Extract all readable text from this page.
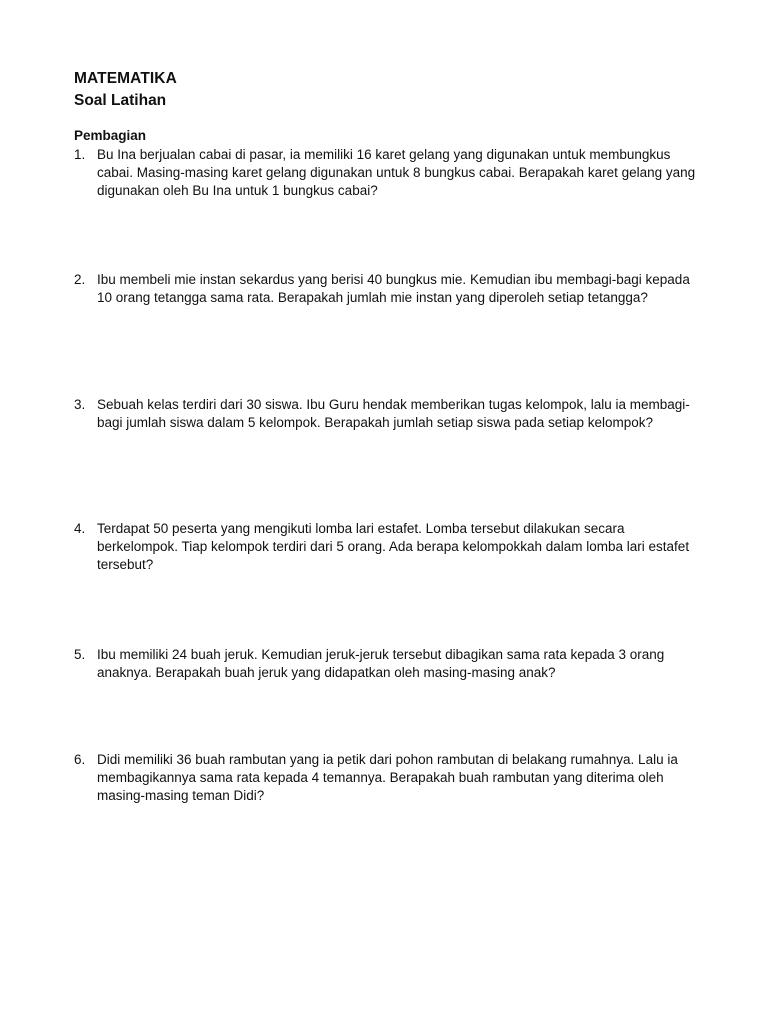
MATEMATIKA
Soal Latihan
Pembagian
1. Bu Ina berjualan cabai di pasar, ia memiliki 16 karet gelang yang digunakan untuk membungkus cabai. Masing-masing karet gelang digunakan untuk 8 bungkus cabai. Berapakah karet gelang yang digunakan oleh Bu Ina untuk 1 bungkus cabai?
2. Ibu membeli mie instan sekardus yang berisi 40 bungkus mie. Kemudian ibu membagi-bagi kepada 10 orang tetangga sama rata. Berapakah jumlah mie instan yang diperoleh setiap tetangga?
3. Sebuah kelas terdiri dari 30 siswa. Ibu Guru hendak memberikan tugas kelompok, lalu ia membagi-bagi jumlah siswa dalam 5 kelompok. Berapakah jumlah setiap siswa pada setiap kelompok?
4. Terdapat 50 peserta yang mengikuti lomba lari estafet. Lomba tersebut dilakukan secara berkelompok. Tiap kelompok terdiri dari 5 orang. Ada berapa kelompokkah dalam lomba lari estafet tersebut?
5. Ibu memiliki 24 buah jeruk. Kemudian jeruk-jeruk tersebut dibagikan sama rata kepada 3 orang anaknya. Berapakah buah jeruk yang didapatkan oleh masing-masing anak?
6. Didi memiliki 36 buah rambutan yang ia petik dari pohon rambutan di belakang rumahnya. Lalu ia membagikannya sama rata kepada 4 temannya. Berapakah buah rambutan yang diterima oleh masing-masing teman Didi?
